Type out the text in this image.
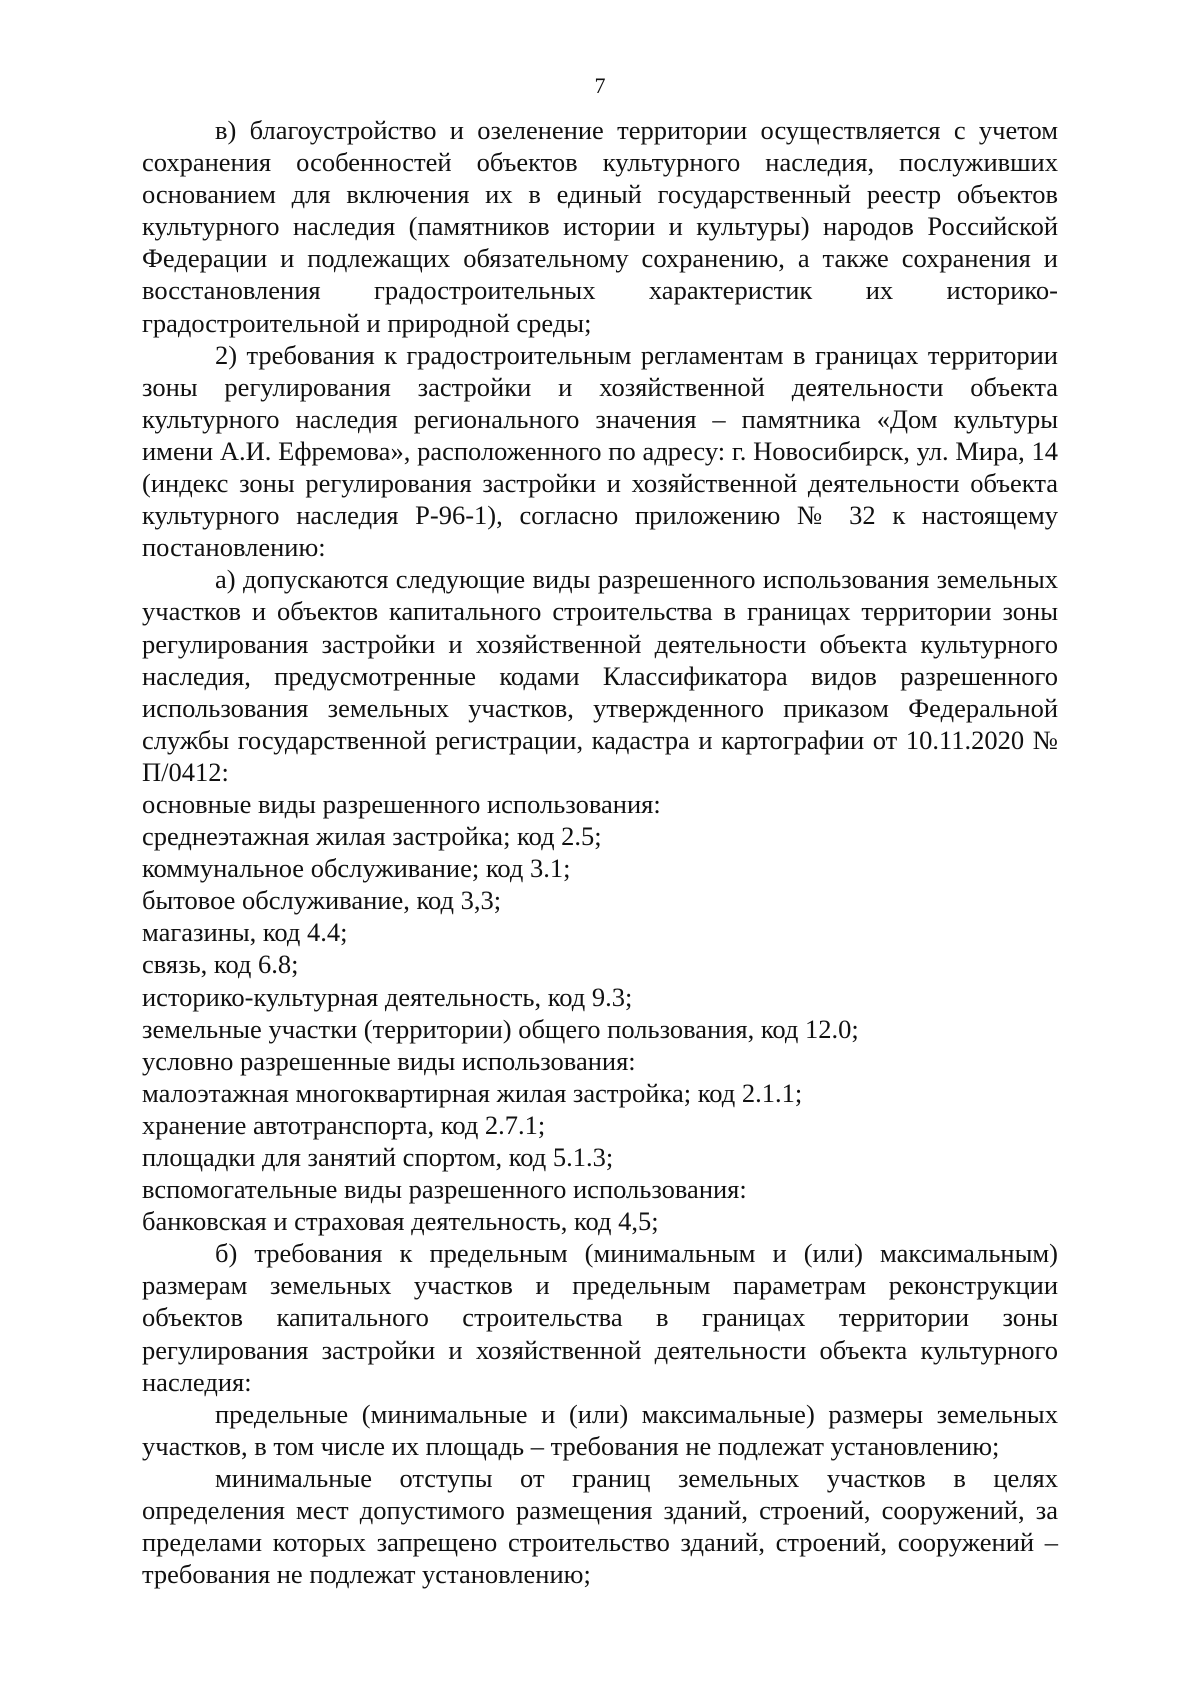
7

в) благоустройство и озеленение территории осуществляется с учетом сохранения особенностей объектов культурного наследия, послуживших основанием для включения их в единый государственный реестр объектов культурного наследия (памятников истории и культуры) народов Российской Федерации и подлежащих обязательному сохранению, а также сохранения и восстановления градостроительных характеристик их историко-градостроительной и природной среды;

2) требования к градостроительным регламентам в границах территории зоны регулирования застройки и хозяйственной деятельности объекта культурного наследия регионального значения – памятника «Дом культуры имени А.И. Ефремова», расположенного по адресу: г. Новосибирск, ул. Мира, 14 (индекс зоны регулирования застройки и хозяйственной деятельности объекта культурного наследия Р-96-1), согласно приложению № 32 к настоящему постановлению:

а) допускаются следующие виды разрешенного использования земельных участков и объектов капитального строительства в границах территории зоны регулирования застройки и хозяйственной деятельности объекта культурного наследия, предусмотренные кодами Классификатора видов разрешенного использования земельных участков, утвержденного приказом Федеральной службы государственной регистрации, кадастра и картографии от 10.11.2020 № П/0412:

основные виды разрешенного использования:

среднеэтажная жилая застройка; код 2.5;

коммунальное обслуживание; код 3.1;

бытовое обслуживание, код 3,3;

магазины, код 4.4;

связь, код 6.8;

историко-культурная деятельность, код 9.3;

земельные участки (территории) общего пользования, код 12.0;

условно разрешенные виды использования:

малоэтажная многоквартирная жилая застройка; код 2.1.1;

хранение автотранспорта, код 2.7.1;

площадки для занятий спортом, код 5.1.3;

вспомогательные виды разрешенного использования:

банковская и страховая деятельность, код 4,5;

б) требования к предельным (минимальным и (или) максимальным) размерам земельных участков и предельным параметрам реконструкции объектов капитального строительства в границах территории зоны регулирования застройки и хозяйственной деятельности объекта культурного наследия:

предельные (минимальные и (или) максимальные) размеры земельных участков, в том числе их площадь – требования не подлежат установлению;

минимальные отступы от границ земельных участков в целях определения мест допустимого размещения зданий, строений, сооружений, за пределами которых запрещено строительство зданий, строений, сооружений – требования не подлежат установлению;
